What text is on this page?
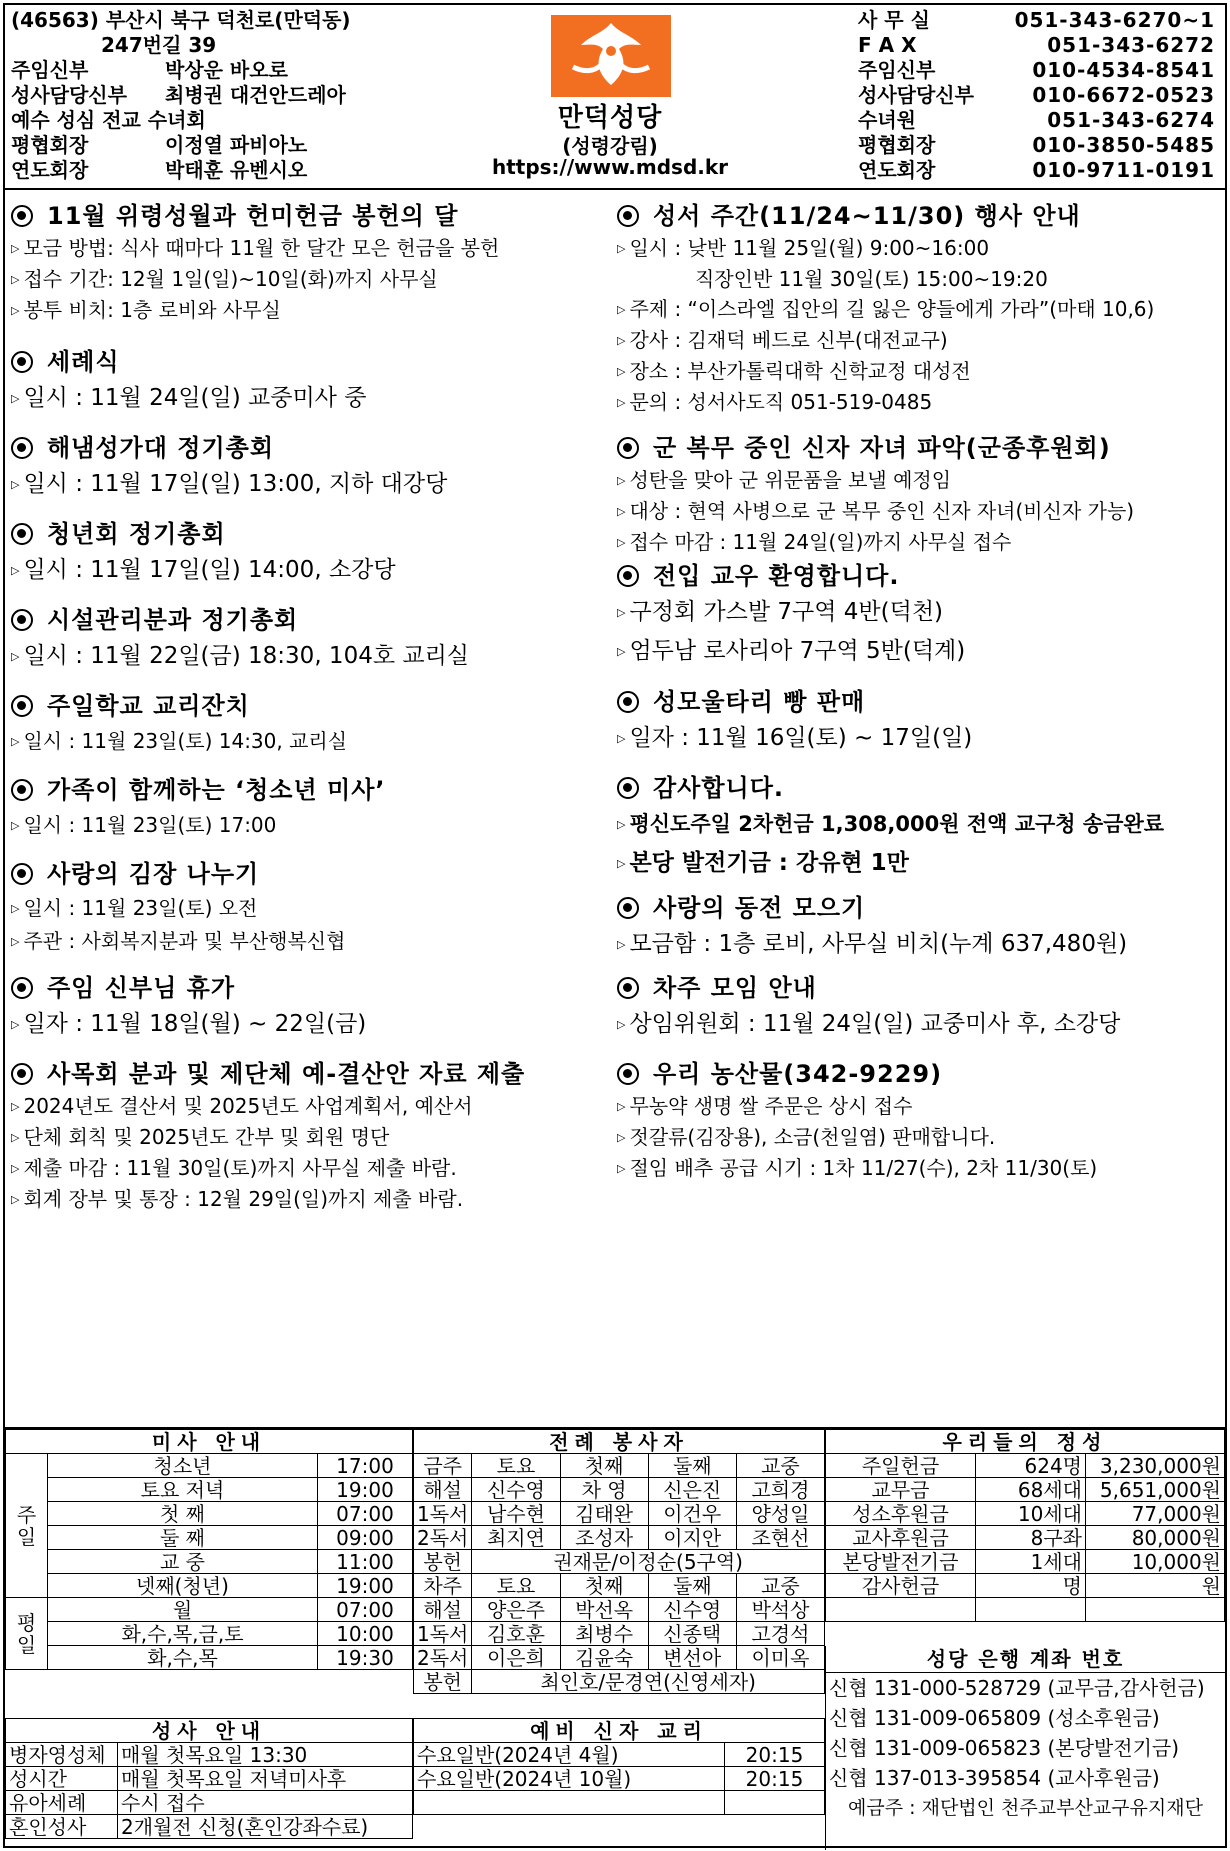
(46563) 부산시 북구 덕천로(만덕동)
247번길 39
주임신부	박상운 바오로
성사담당신부 최병권 대건안드레아
예수 성심 전교 수녀회
평협회장	이정열 파비아노
연도회장	박태훈 유벤시오
만덕성당
(성령강림)
https://www.mdsd.kr
사 무 실	051-343-6270~1
F A X	051-343-6272
주임신부	010-4534-8541
성사담당신부	010-6672-0523
수녀원	051-343-6274
평협회장	010-3850-5485
연도회장	010-9711-0191
11월 위령성월과 헌미헌금 봉헌의 달
▷ 모금 방법: 식사 때마다 11월 한 달간 모은 헌금을 봉헌
▷ 접수 기간: 12월 1일(일)~10일(화)까지 사무실
▷ 봉투 비치: 1층 로비와 사무실
세례식
▷ 일시 : 11월 24일(일) 교중미사 중
해냄성가대 정기총회
▷ 일시 : 11월 17일(일) 13:00, 지하 대강당
청년회 정기총회
▷ 일시 : 11월 17일(일) 14:00, 소강당
시설관리분과 정기총회
▷ 일시 : 11월 22일(금) 18:30, 104호 교리실
주일학교 교리잔치
▷ 일시 : 11월 23일(토) 14:30, 교리실
가족이 함께하는 ‘청소년 미사’
▷ 일시 : 11월 23일(토) 17:00
사랑의 김장 나누기
▷ 일시 : 11월 23일(토) 오전
▷ 주관 : 사회복지분과 및 부산행복신협
주임 신부님 휴가
▷ 일자 : 11월 18일(월) ~ 22일(금)
사목회 분과 및 제단체 예-결산안 자료 제출
▷ 2024년도 결산서 및 2025년도 사업계획서, 예산서
▷ 단체 회칙 및 2025년도 간부 및 회원 명단
▷ 제출 마감 : 11월 30일(토)까지 사무실 제출 바람.
▷ 회계 장부 및 통장 : 12월 29일(일)까지 제출 바람.
성서 주간(11/24~11/30) 행사 안내
▷ 일시 : 낮반 11월 25일(월) 9:00~16:00
직장인반 11월 30일(토) 15:00~19:20
▷ 주제 : “이스라엘 집안의 길 잃은 양들에게 가라”(마태 10,6)
▷ 강사 : 김재덕 베드로 신부(대전교구)
▷ 장소 : 부산가톨릭대학 신학교정 대성전
▷ 문의 : 성서사도직 051-519-0485
군 복무 중인 신자 자녀 파악(군종후원회)
▷ 성탄을 맞아 군 위문품을 보낼 예정임
▷ 대상 : 현역 사병으로 군 복무 중인 신자 자녀(비신자 가능)
▷ 접수 마감 : 11월 24일(일)까지 사무실 접수
전입 교우 환영합니다.
▷ 구정회 가스발 7구역 4반(덕천)
▷ 엄두남 로사리아 7구역 5반(덕계)
성모울타리 빵 판매
▷ 일자 : 11월 16일(토) ~ 17일(일)
감사합니다.
▷ 평신도주일 2차헌금 1,308,000원 전액 교구청 송금완료
▷ 본당 발전기금 : 강유현 1만
사랑의 동전 모으기
▷ 모금함 : 1층 로비, 사무실 비치(누계 637,480원)
차주 모임 안내
▷ 상임위원회 : 11월 24일(일) 교중미사 후, 소강당
우리 농산물(342-9229)
▷ 무농약 생명 쌀 주문은 상시 접수
▷ 젓갈류(김장용), 소금(천일염) 판매합니다.
▷ 절임 배추 공급 시기 : 1차 11/27(수), 2차 11/30(토)
미사 안내		
주일	청소년	17:00
	토요 저녁	19:00
	첫 째	07:00
	둘 째	09:00
	교 중	11:00
	넷째(청년)	19:00
평일	월	07:00
	화,수,목,금,토	10:00
	화,수,목	19:30
전례 봉사자				
금주	토요	첫째	둘째	교중
해설	신수영	차 영	신은진	고희경
1독서	남수현	김태완	이건우	양성일
2독서	최지연	조성자	이지안	조현선
봉헌	권재문/이정순(5구역)			
차주	토요	첫째	둘째	교중
해설	양은주	박선옥	신수영	박석상
1독서	김호훈	최병수	신종택	고경석
2독서	이은희	김윤숙	변선아	이미옥
봉헌	최인호/문경연(신영세자)			
우리들의 정성		
주일헌금	624명	3,230,000원
교무금	68세대	5,651,000원
성소후원금	10세대	77,000원
교사후원금	8구좌	80,000원
본당발전기금	1세대	10,000원
감사헌금	명	원

성당 은행 계좌 번호
신협 131-000-528729 (교무금,감사헌금)
신협 131-009-065809 (성소후원금)
신협 131-009-065823 (본당발전기금)
신협 137-013-395854 (교사후원금)
예금주 : 재단법인 천주교부산교구유지재단
성사 안내	
병자영성체	매월 첫목요일 13:30
성시간	매월 첫목요일 저녁미사후
유아세례	수시 접수
혼인성사	2개월전 신청(혼인강좌수료)
예비 신자 교리	
수요일반(2024년 4월)	20:15
수요일반(2024년 10월)	20:15
